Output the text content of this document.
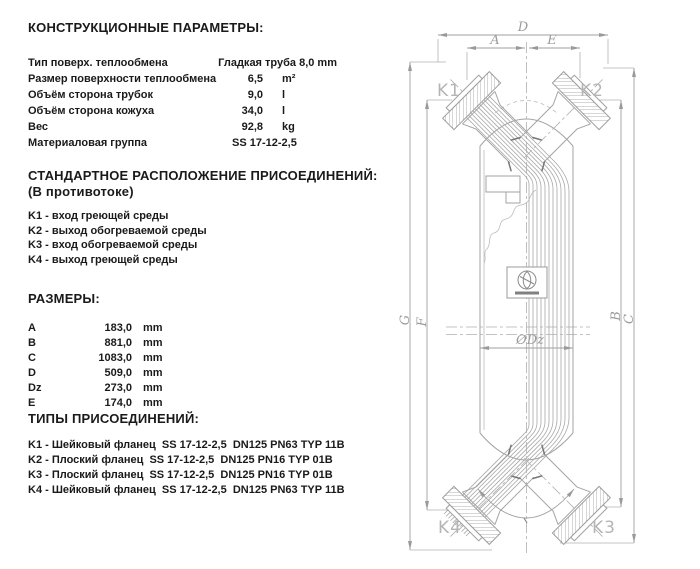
КОНСТРУКЦИОННЫЕ ПАРАМЕТРЫ:
Тип поверх. теплообмена	Гладкая труба 8,0 mm
Размер поверхности теплообмена	6,5 m²
Объём сторона трубок	9,0 l
Объём сторона кожуха	34,0 l
Вес	92,8 kg
Материаловая группа	SS 17-12-2,5
СТАНДАРТНОЕ РАСПОЛОЖЕНИЕ ПРИСОЕДИНЕНИЙ:
(В противотоке)
K1 - вход греющей среды
K2 - выход обогреваемой среды
K3 - вход обогреваемой среды
K4 - выход греющей среды
РАЗМЕРЫ:
A	183,0 mm
B	881,0 mm
C	1083,0 mm
D	509,0 mm
Dz	273,0 mm
E	174,0 mm
ТИПЫ ПРИСОЕДИНЕНИЙ:
K1 - Шейковый фланец  SS 17-12-2,5  DN125 PN63 TYP 11B
K2 - Плоский фланец  SS 17-12-2,5  DN125 PN16 TYP 01B
K3 - Плоский фланец  SS 17-12-2,5  DN125 PN16 TYP 01B
K4 - Шейковый фланец  SS 17-12-2,5  DN125 PN63 TYP 11B
D
A	E
G F
B
C
ØDz
K1	K2
K3
K4
